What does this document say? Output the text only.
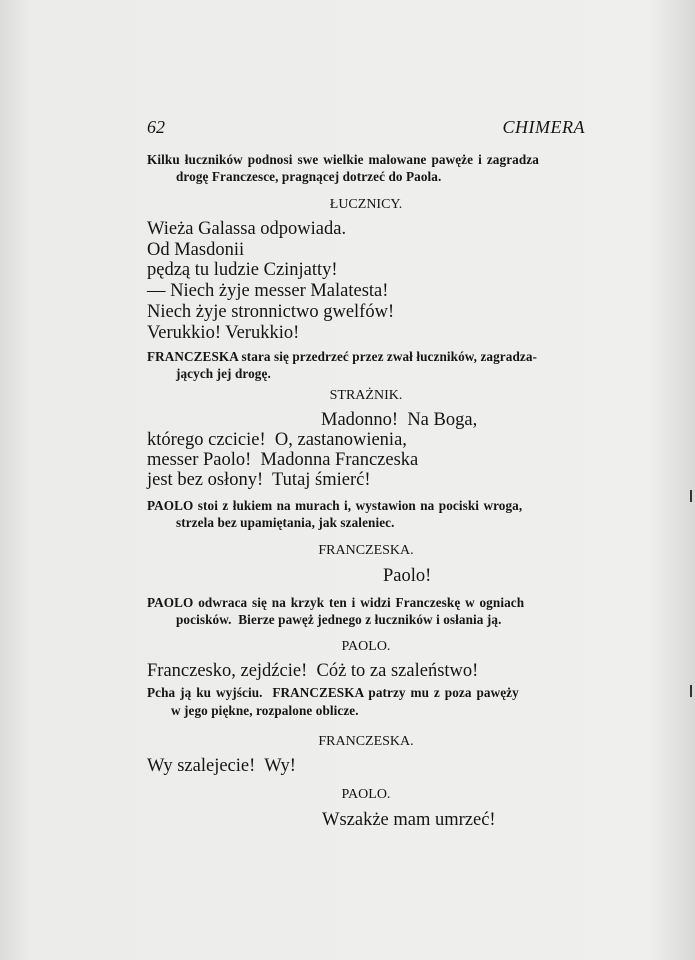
62	CHIMERA
Kilku łuczników podnosi swe wielkie malowane pawęże i zagradza
drogę Franczesce, pragnącej dotrzeć do Paola.
ŁUCZNICY.
Wieża Galassa odpowiada.
Od Masdonii
pędzą tu ludzie Czinjatty!
— Niech żyje messer Malatesta!
Niech żyje stronnictwo gwelfów!
Verukkio! Verukkio!
FRANCZESKA stara się przedrzeć przez zwał łuczników, zagradza-
jących jej drogę.
STRAŻNIK.
Madonno!  Na Boga,
którego czcicie!  O, zastanowienia,
messer Paolo!  Madonna Franczeska
jest bez osłony!  Tutaj śmierć!
PAOLO stoi z łukiem na murach i, wystawion na pociski wroga,
strzela bez upamiętania, jak szaleniec.
FRANCZESKA.
Paolo!
PAOLO odwraca się na krzyk ten i widzi Franczeskę w ogniach
pocisków.  Bierze pawęż jednego z łuczników i osłania ją.
PAOLO.
Franczesko, zejdźcie!  Cóż to za szaleństwo!
Pcha ją ku wyjściu.  FRANCZESKA patrzy mu z poza pawęży
w jego piękne, rozpalone oblicze.
FRANCZESKA.
Wy szalejecie!  Wy!
PAOLO.
Wszakże mam umrzeć!
